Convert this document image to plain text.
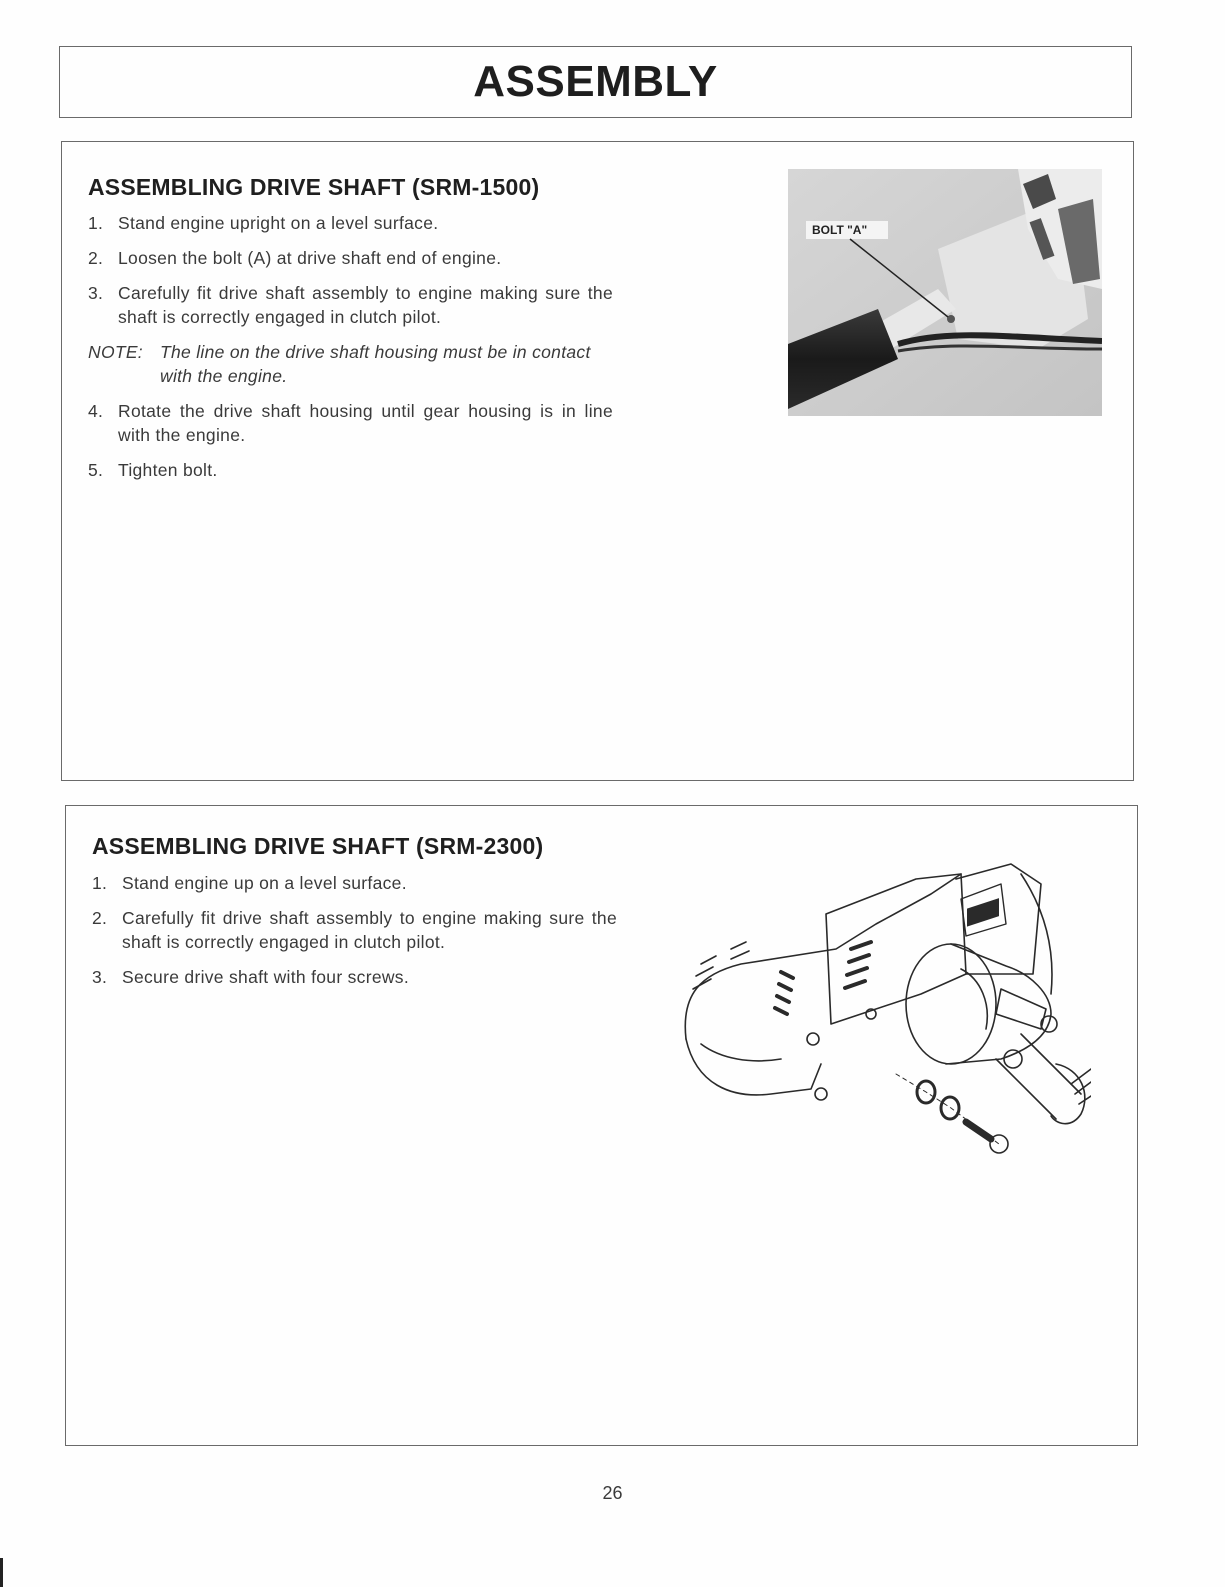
ASSEMBLY
ASSEMBLING DRIVE SHAFT (SRM-1500)
1. Stand engine upright on a level surface.
2. Loosen the bolt (A) at drive shaft end of engine.
3. Carefully fit drive shaft assembly to engine making sure the shaft is correctly engaged in clutch pilot.
NOTE: The line on the drive shaft housing must be in contact with the engine.
4. Rotate the drive shaft housing until gear housing is in line with the engine.
5. Tighten bolt.
BOLT "A"
ASSEMBLING DRIVE SHAFT (SRM-2300)
1. Stand engine up on a level surface.
2. Carefully fit drive shaft assembly to engine making sure the shaft is correctly engaged in clutch pilot.
3. Secure drive shaft with four screws.
26
